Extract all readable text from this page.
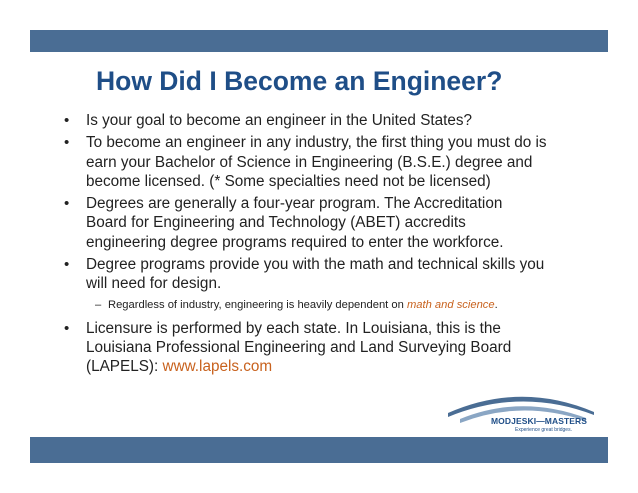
How Did I Become an Engineer?
• Is your goal to become an engineer in the United States?
• To become an engineer in any industry, the first thing you must do is
earn your Bachelor of Science in Engineering (B.S.E.) degree and
become licensed. (* Some specialties need not be licensed)
• Degrees are generally a four-year program. The Accreditation
Board for Engineering and Technology (ABET) accredits
engineering degree programs required to enter the workforce.
• Degree programs provide you with the math and technical skills you
will need for design.
– Regardless of industry, engineering is heavily dependent on math and science.
• Licensure is performed by each state. In Louisiana, this is the
Louisiana Professional Engineering and Land Surveying Board
(LAPELS): www.lapels.com
MODJESKI—MASTERS
Experience great bridges.
